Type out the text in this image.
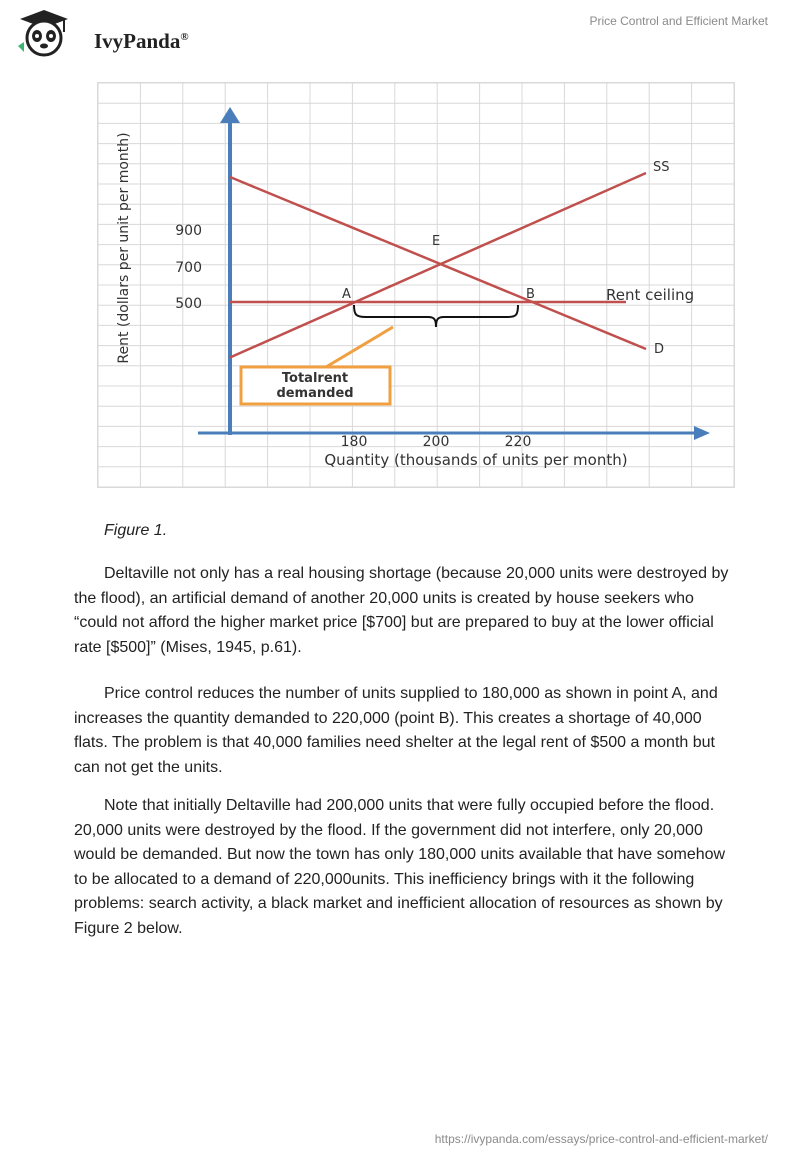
IvyPanda®
Price Control and Efficient Market
180	200	220
900
700
500
A	B
E
Totalrent
demanded
Quantity (thousands of units per month)
Rent (dollars per unit per month)	SS
D
Rent ceiling
Figure 1.

Deltaville not only has a real housing shortage (because 20,000 units were destroyed by the flood), an artificial demand of another 20,000 units is created by house seekers who “could not afford the higher market price [$700] but are prepared to buy at the lower official rate [$500]” (Mises, 1945, p.61).

Price control reduces the number of units supplied to 180,000 as shown in point A, and increases the quantity demanded to 220,000 (point B). This creates a shortage of 40,000 flats. The problem is that 40,000 families need shelter at the legal rent of $500 a month but can not get the units.

Note that initially Deltaville had 200,000 units that were fully occupied before the flood. 20,000 units were destroyed by the flood. If the government did not interfere, only 20,000 would be demanded. But now the town has only 180,000 units available that have somehow to be allocated to a demand of 220,000units. This inefficiency brings with it the following problems: search activity, a black market and inefficient allocation of resources as shown by Figure 2 below.

https://ivypanda.com/essays/price-control-and-efficient-market/
